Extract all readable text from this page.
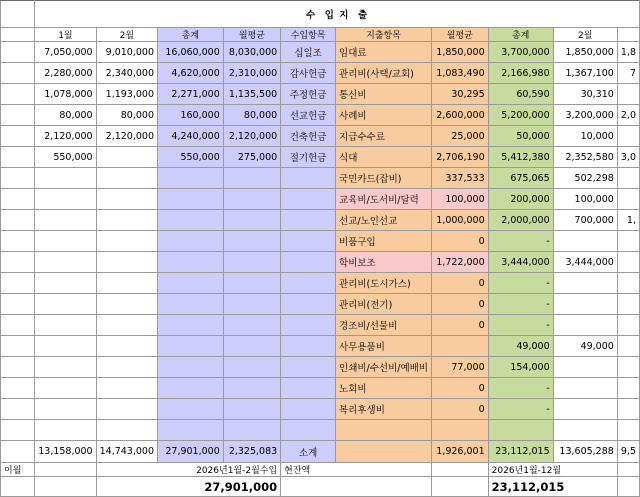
	수  입 지  출									
	1월	2월	총계	월평균	수입항목	지출항목	월평균	총계	2월	
	7,050,000	9,010,000	16,060,000	8,030,000	십일조	임대료	1,850,000	3,700,000	1,850,000	1,8
	2,280,000	2,340,000	4,620,000	2,310,000	감사헌금	관리비(사택/교회)	1,083,490	2,166,980	1,367,100	7
	1,078,000	1,193,000	2,271,000	1,135,500	주정헌금	통신비	30,295	60,590	30,310	
	80,000	80,000	160,000	80,000	선교헌금	사례비	2,600,000	5,200,000	3,200,000	2,0
	2,120,000	2,120,000	4,240,000	2,120,000	건축헌금	지급수수료	25,000	50,000	10,000	
	550,000		550,000	275,000	절기헌금	식대	2,706,190	5,412,380	2,352,580	3,0
						국민카드(잡비)	337,533	675,065	502,298	
						교육비/도서비/달력	100,000	200,000	100,000	
						선교/노인선교	1,000,000	2,000,000	700,000	1,
						비품구입	0	-		
						학비보조	1,722,000	3,444,000	3,444,000	
						관리비(도시가스)	0	-		
						관리비(전기)	0	-		
						경조비/선물비	0	-		
						사무용품비		49,000	49,000	
						인쇄비/수선비/예배비	77,000	154,000		
						노회비	0	-		
						복리후생비	0	-		

	13,158,000	14,743,000	27,901,000	2,325,083	소계		1,926,001	23,112,015	13,605,288	9,5
이월		2026년1월-2월수입			현잔액			2026년1월-12월		
		27,901,000						23,112,015		
